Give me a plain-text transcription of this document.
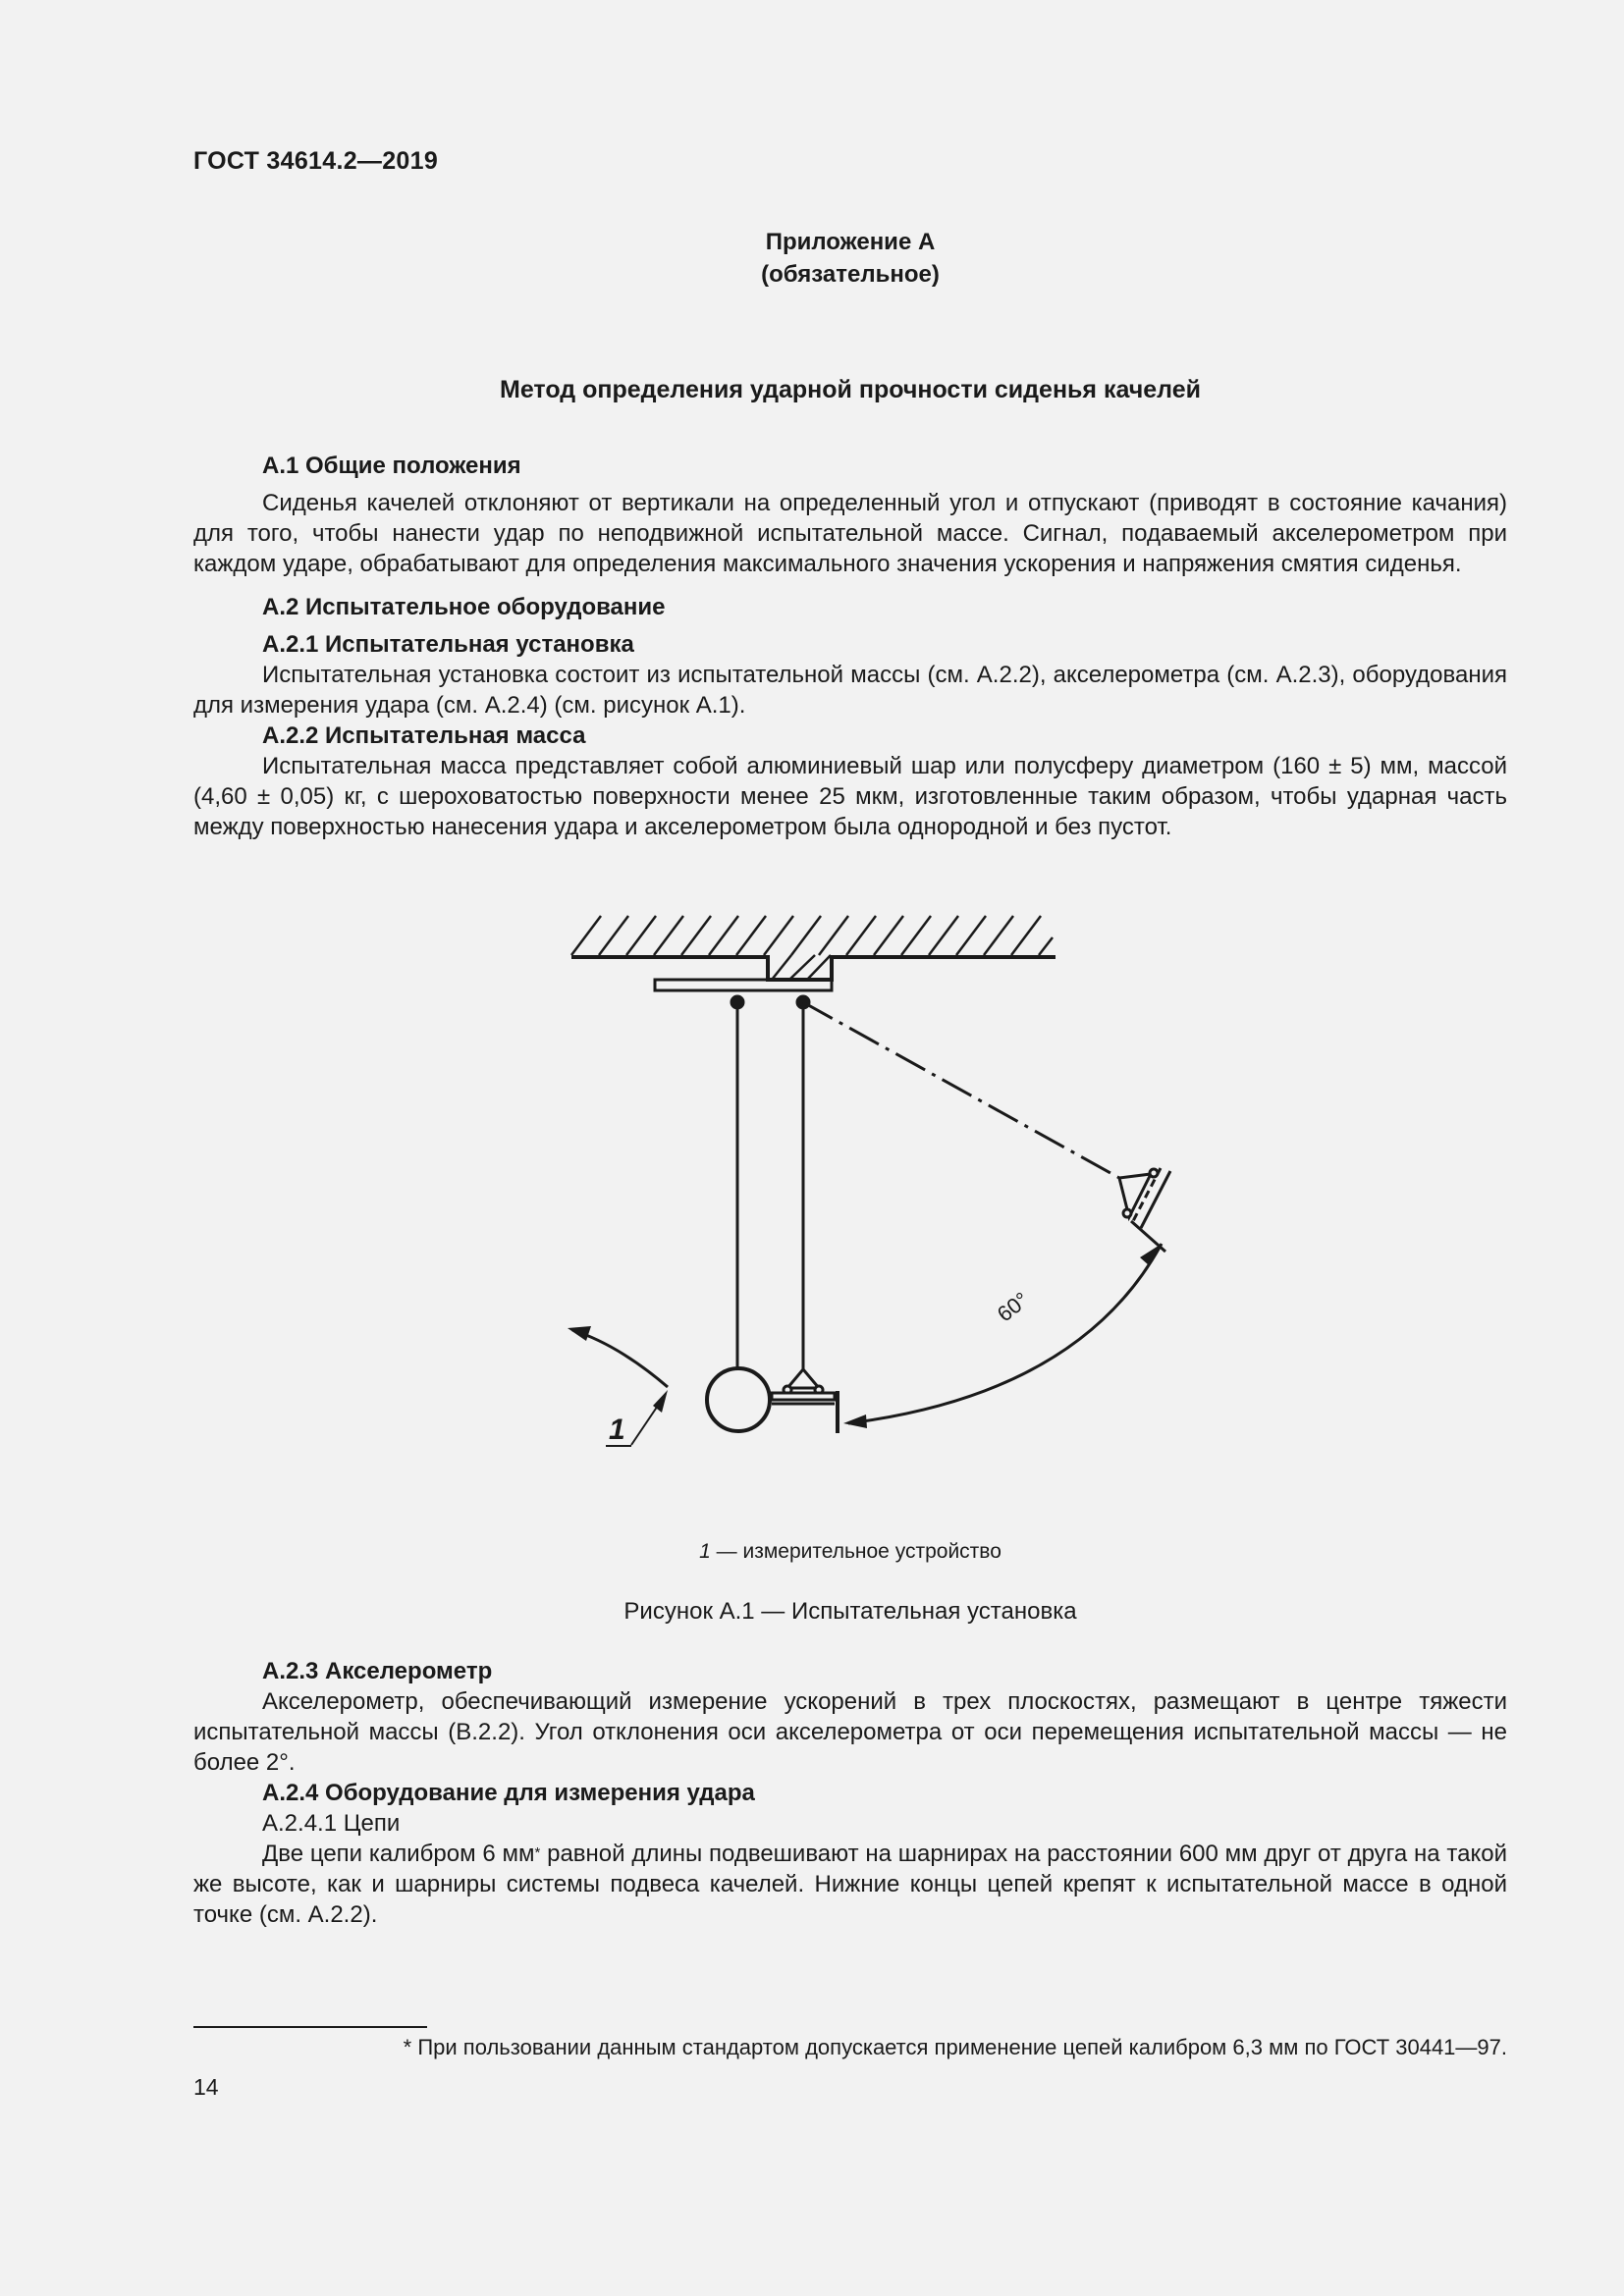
ГОСТ 34614.2—2019
Приложение А
(обязательное)
Метод определения ударной прочности сиденья качелей
А.1 Общие положения

Сиденья качелей отклоняют от вертикали на определенный угол и отпускают (приводят в состояние качания) для того, чтобы нанести удар по неподвижной испытательной массе. Сигнал, подаваемый акселерометром при каждом ударе, обрабатывают для определения максимального значения ускорения и напряжения смятия сиденья.

А.2 Испытательное оборудование
А.2.1 Испытательная установка

Испытательная установка состоит из испытательной массы (см. А.2.2), акселерометра (см. А.2.3), оборудования для измерения удара (см. А.2.4) (см. рисунок А.1).

А.2.2 Испытательная масса

Испытательная масса представляет собой алюминиевый шар или полусферу диаметром (160 ± 5) мм, массой (4,60 ± 0,05) кг, с шероховатостью поверхности менее 25 мкм, изготовленные таким образом, чтобы ударная часть между поверхностью нанесения удара и акселерометром была однородной и без пустот.

60°
1
1 — измерительное устройство
Рисунок А.1 — Испытательная установка
А.2.3 Акселерометр

Акселерометр, обеспечивающий измерение ускорений в трех плоскостях, размещают в центре тяжести испытательной массы (В.2.2). Угол отклонения оси акселерометра от оси перемещения испытательной массы — не более 2°.

А.2.4 Оборудование для измерения удара
А.2.4.1 Цепи

Две цепи калибром 6 мм* равной длины подвешивают на шарнирах на расстоянии 600 мм друг от друга на такой же высоте, как и шарниры системы подвеса качелей. Нижние концы цепей крепят к испытательной массе в одной точке (см. А.2.2).

* При пользовании данным стандартом допускается применение цепей калибром 6,3 мм по ГОСТ 30441—97.
14
